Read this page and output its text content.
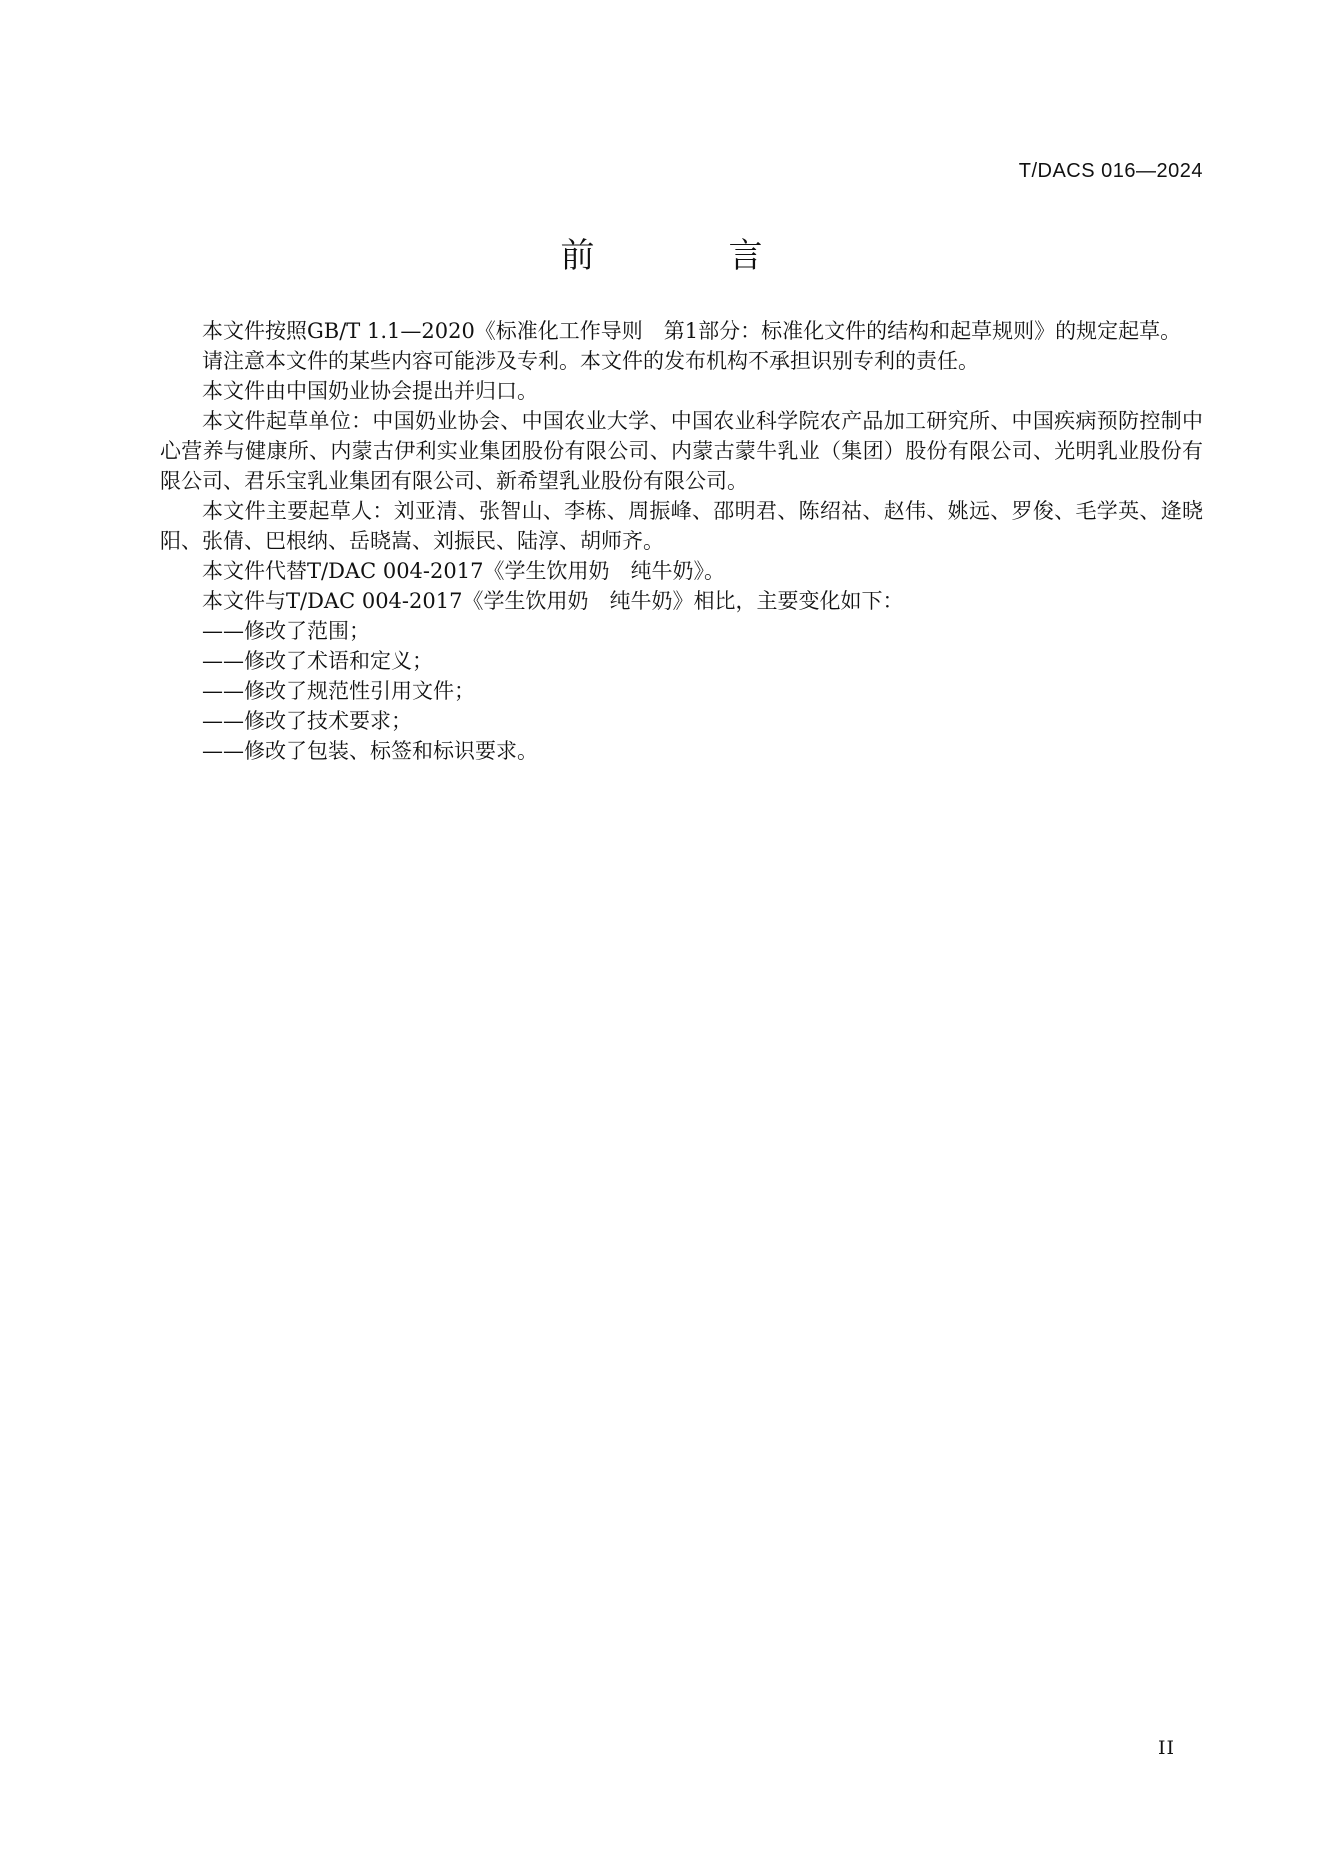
T/DACS 016—2024
前　言

本文件按照GB/T 1.1—2020《标准化工作导则　第1部分：标准化文件的结构和起草规则》的规定起草。

请注意本文件的某些内容可能涉及专利。本文件的发布机构不承担识别专利的责任。

本文件由中国奶业协会提出并归口。

本文件起草单位：中国奶业协会、中国农业大学、中国农业科学院农产品加工研究所、中国疾病预防控制中心营养与健康所、内蒙古伊利实业集团股份有限公司、内蒙古蒙牛乳业（集团）股份有限公司、光明乳业股份有限公司、君乐宝乳业集团有限公司、新希望乳业股份有限公司。

本文件主要起草人：刘亚清、张智山、李栋、周振峰、邵明君、陈绍祜、赵伟、姚远、罗俊、毛学英、逄晓阳、张倩、巴根纳、岳晓嵩、刘振民、陆淳、胡师齐。

本文件代替T/DAC 004-2017《学生饮用奶　纯牛奶》。

本文件与T/DAC 004-2017《学生饮用奶　纯牛奶》相比，主要变化如下：

——修改了范围；

——修改了术语和定义；

——修改了规范性引用文件；

——修改了技术要求；

——修改了包装、标签和标识要求。

II
